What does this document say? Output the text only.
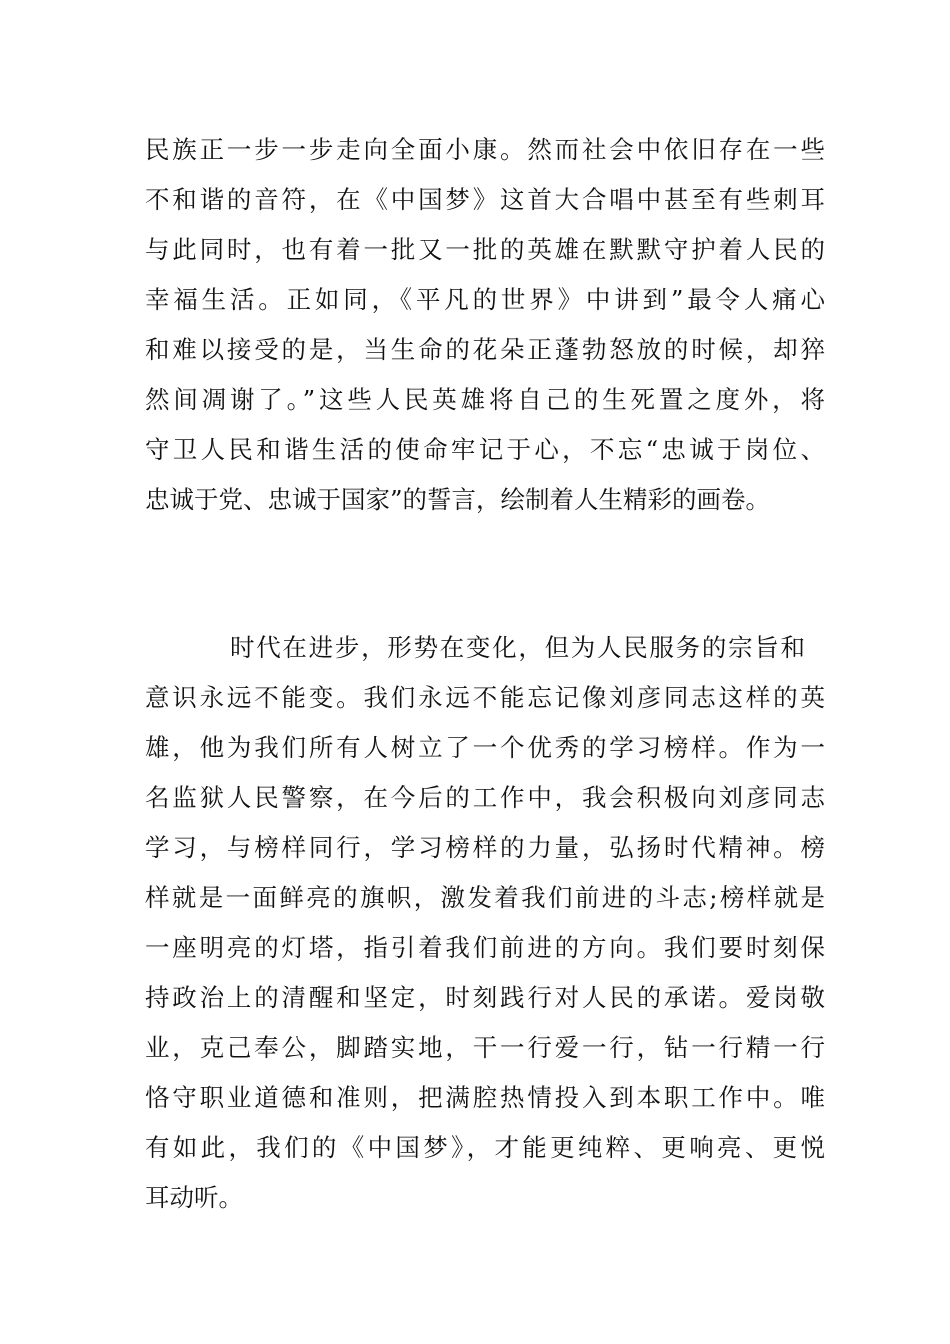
民族正一步一步走向全面小康。然而社会中依旧存在一些

不和谐的音符，在《中国梦》这首大合唱中甚至有些刺耳

与此同时，也有着一批又一批的英雄在默默守护着人民的

幸福生活。正如同，《平凡的世界》中讲到”最令人痛心

和难以接受的是，当生命的花朵正蓬勃怒放的时候，却猝

然间凋谢了。”这些人民英雄将自己的生死置之度外，将

守卫人民和谐生活的使命牢记于心，不忘“忠诚于岗位、

忠诚于党、忠诚于国家”的誓言，绘制着人生精彩的画卷。

时代在进步，形势在变化，但为人民服务的宗旨和

意识永远不能变。我们永远不能忘记像刘彦同志这样的英

雄，他为我们所有人树立了一个优秀的学习榜样。作为一

名监狱人民警察，在今后的工作中，我会积极向刘彦同志

学习，与榜样同行，学习榜样的力量，弘扬时代精神。榜

样就是一面鲜亮的旗帜，激发着我们前进的斗志;榜样就是

一座明亮的灯塔，指引着我们前进的方向。我们要时刻保

持政治上的清醒和坚定，时刻践行对人民的承诺。爱岗敬

业，克己奉公，脚踏实地，干一行爱一行，钻一行精一行

恪守职业道德和准则，把满腔热情投入到本职工作中。唯

有如此，我们的《中国梦》，才能更纯粹、更响亮、更悦

耳动听。
